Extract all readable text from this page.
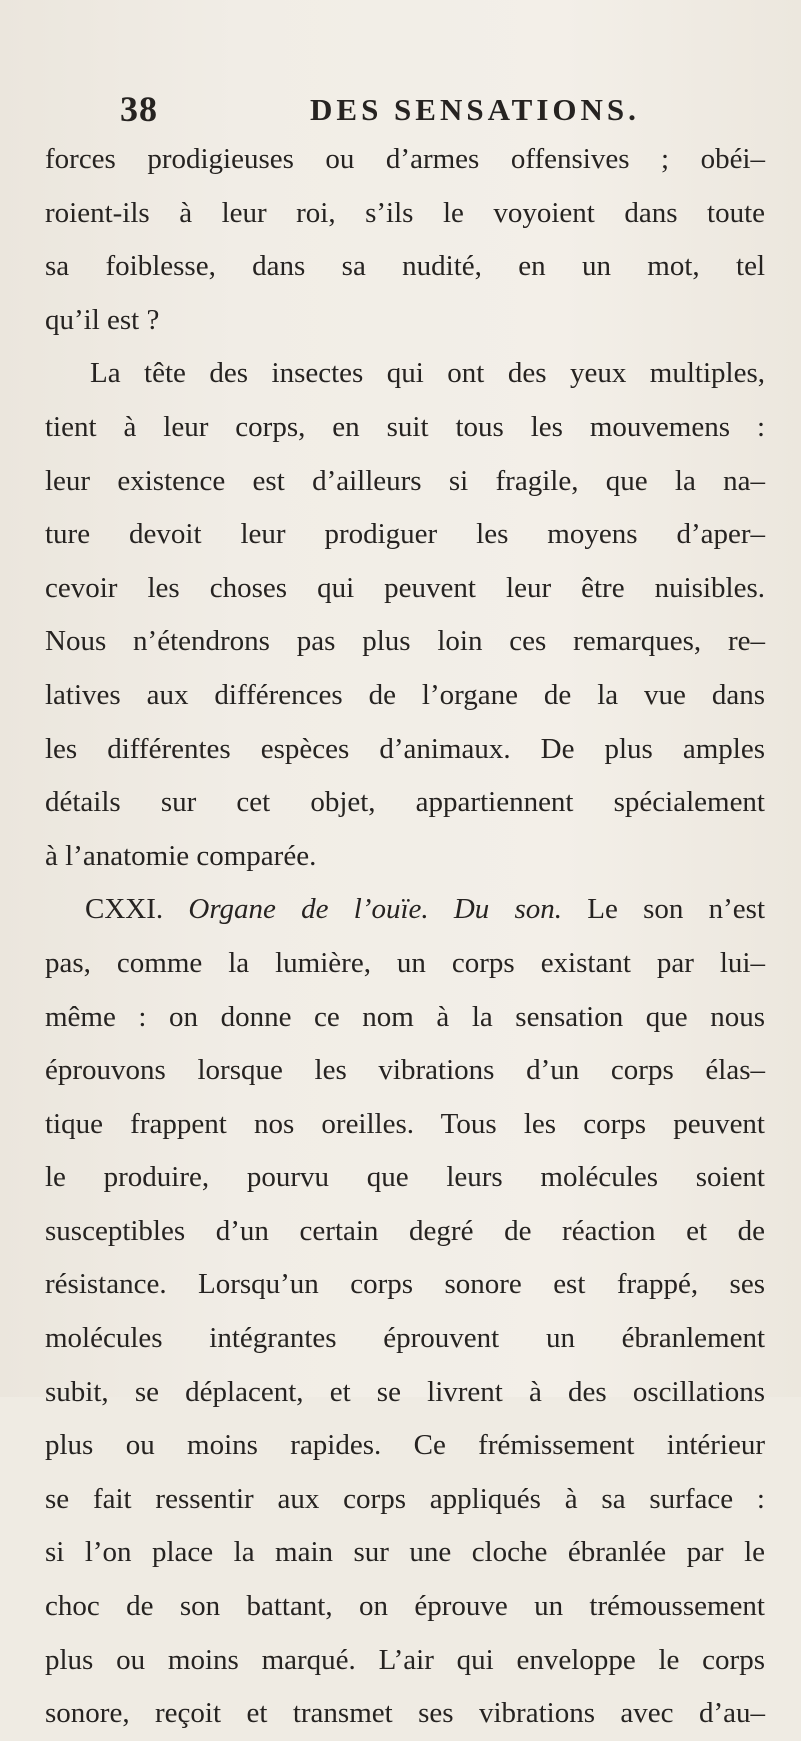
38	DES SENSATIONS.
forces prodigieuses ou d’armes offensives ; obéi–
roient-ils à leur roi, s’ils le voyoient dans toute
sa foiblesse, dans sa nudité, en un mot, tel
qu’il est ?
La tête des insectes qui ont des yeux multiples,
tient à leur corps, en suit tous les mouvemens :
leur existence est d’ailleurs si fragile, que la na–
ture devoit leur prodiguer les moyens d’aper–
cevoir les choses qui peuvent leur être nuisibles.
Nous n’étendrons pas plus loin ces remarques, re–
latives aux différences de l’organe de la vue dans
les différentes espèces d’animaux. De plus amples
détails sur cet objet, appartiennent spécialement
à l’anatomie comparée.
CXXI. Organe de l’ouïe. Du son. Le son n’est
pas, comme la lumière, un corps existant par lui–
même : on donne ce nom à la sensation que nous
éprouvons lorsque les vibrations d’un corps élas–
tique frappent nos oreilles. Tous les corps peuvent
le produire, pourvu que leurs molécules soient
susceptibles d’un certain degré de réaction et de
résistance. Lorsqu’un corps sonore est frappé, ses
molécules intégrantes éprouvent un ébranlement
subit, se déplacent, et se livrent à des oscillations
plus ou moins rapides. Ce frémissement intérieur
se fait ressentir aux corps appliqués à sa surface :
si l’on place la main sur une cloche ébranlée par le
choc de son battant, on éprouve un trémoussement
plus ou moins marqué. L’air qui enveloppe le corps
sonore, reçoit et transmet ses vibrations avec d’au–
